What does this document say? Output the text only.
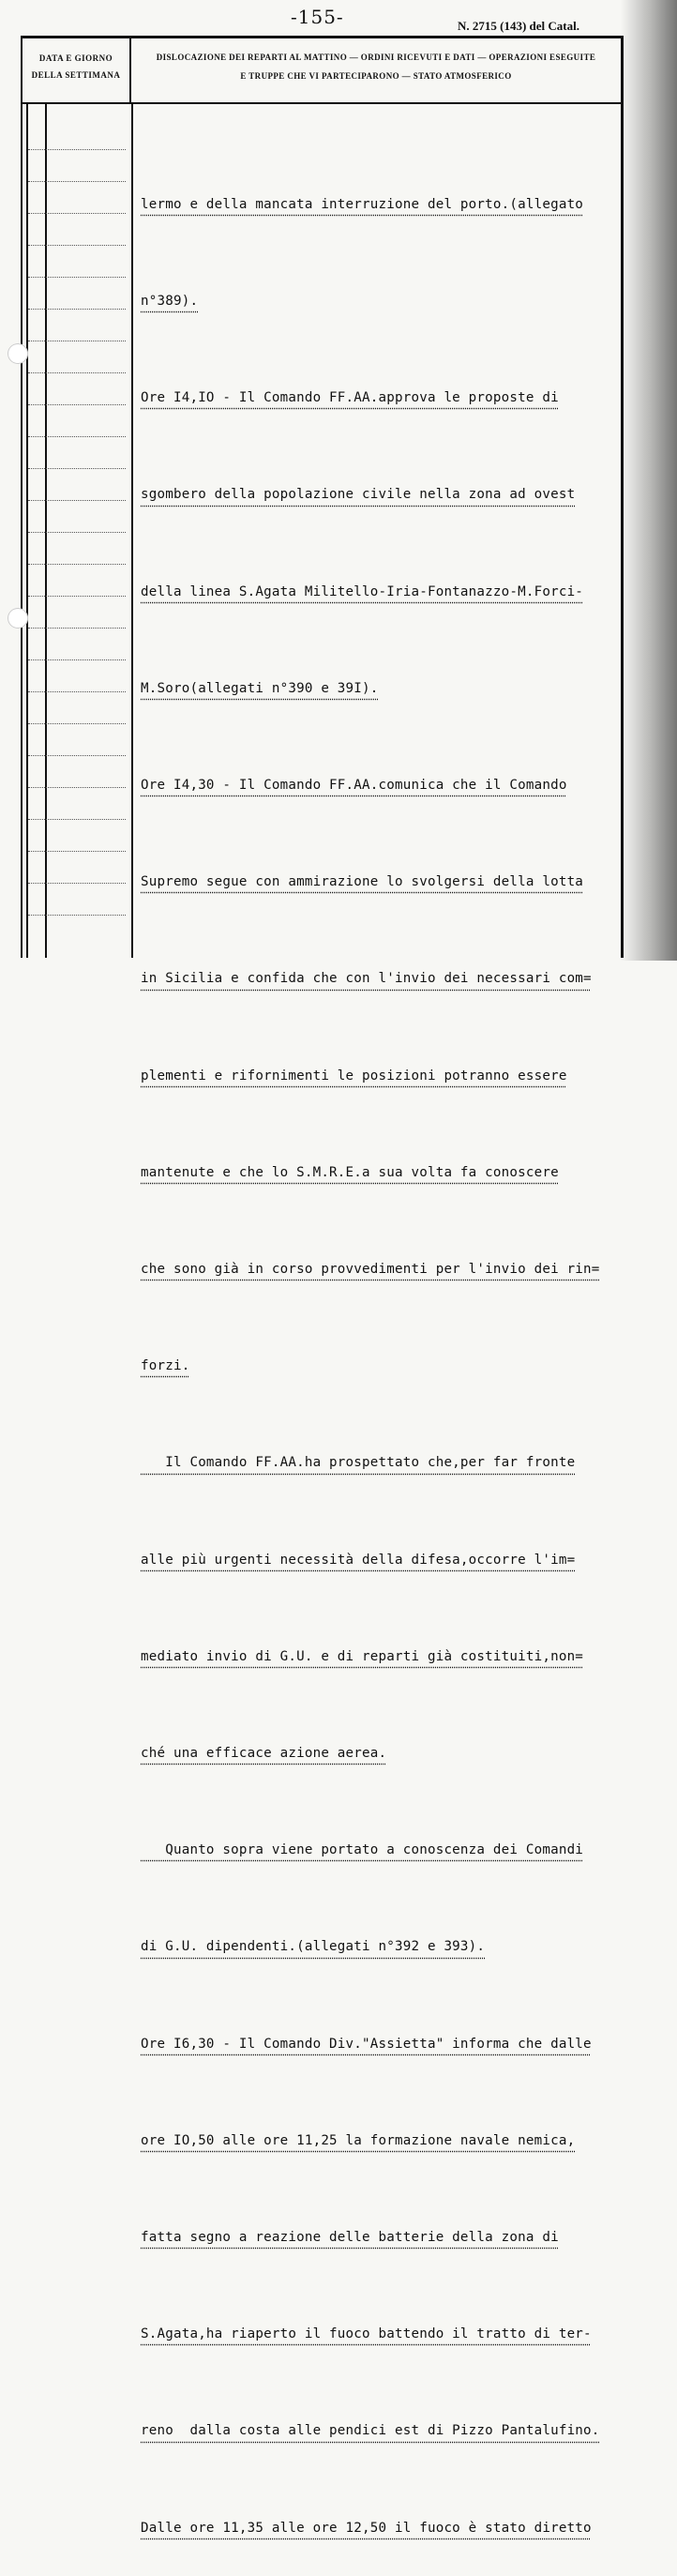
-155-	N. 2715 (143) del Catal.
DATA E GIORNO
DELLA SETTIMANA
DISLOCAZIONE DEI REPARTI AL MATTINO — ORDINI RICEVUTI E DATI — OPERAZIONI ESEGUITE
E TRUPPE CHE VI PARTECIPARONO — STATO ATMOSFERICO

lermo e della mancata interruzione del porto.(allegato

n°389).

Ore I4,IO - Il Comando FF.AA.approva le proposte di

sgombero della popolazione civile nella zona ad ovest

della linea S.Agata Militello-Iria-Fontanazzo-M.Forci-

M.Soro(allegati n°390 e 39I).

Ore I4,30 - Il Comando FF.AA.comunica che il Comando

Supremo segue con ammirazione lo svolgersi della lotta

in Sicilia e confida che con l'invio dei necessari com=

plementi e rifornimenti le posizioni potranno essere

mantenute e che lo S.M.R.E.a sua volta fa conoscere

che sono già in corso provvedimenti per l'invio dei rin=

forzi.

Il Comando FF.AA.ha prospettato che,per far fronte

alle più urgenti necessità della difesa,occorre l'im=

mediato invio di G.U. e di reparti già costituiti,non=

ché una efficace azione aerea.

Quanto sopra viene portato a conoscenza dei Comandi

di G.U. dipendenti.(allegati n°392 e 393).

Ore I6,30 - Il Comando Div."Assietta" informa che dalle

ore IO,50 alle ore 11,25 la formazione navale nemica,

fatta segno a reazione delle batterie della zona di

S.Agata,ha riaperto il fuoco battendo il tratto di ter-

reno  dalla costa alle pendici est di Pizzo Pantalufino.

Dalle ore 11,35 alle ore 12,50 il fuoco è stato diretto
